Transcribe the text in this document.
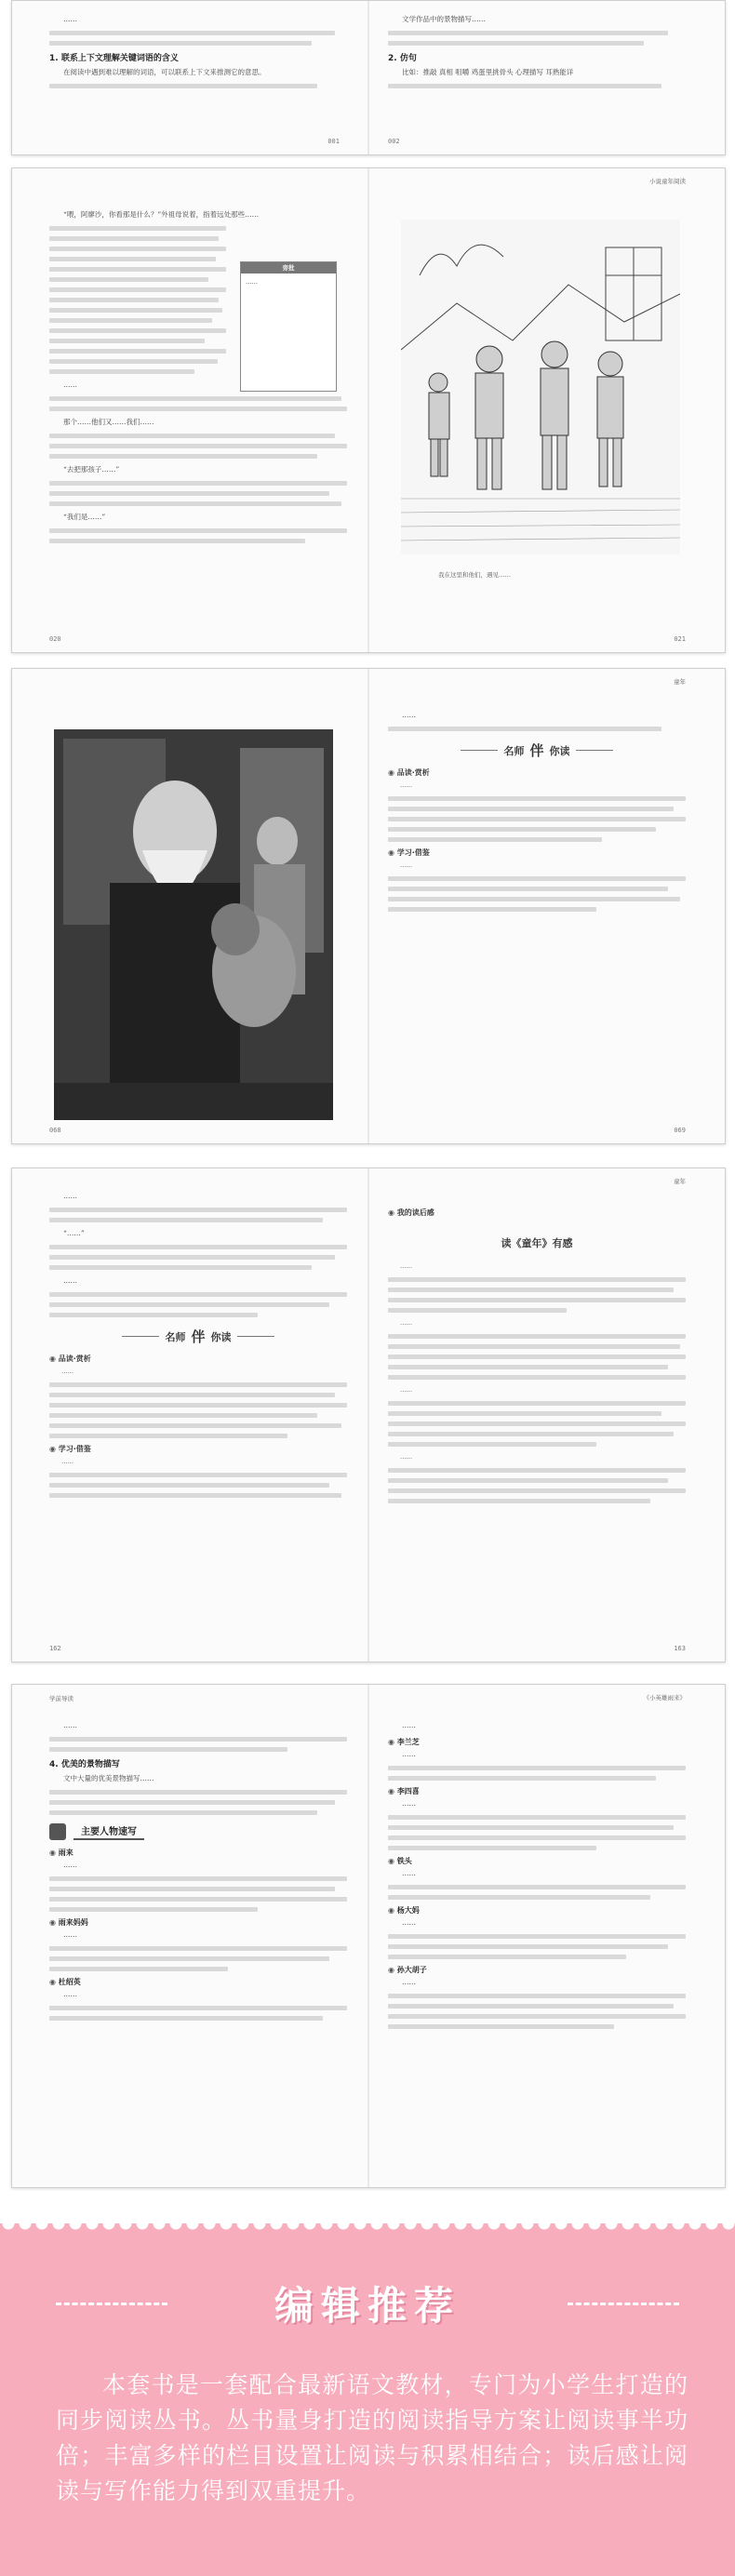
……

1. 联系上下文理解关键词语的含义

在阅读中遇到难以理解的词语，可以联系上下文来推测它的意思。

001

文学作品中的景物描写……

2. 仿句

比如：推敲 真相 咀嚼 鸡蛋里挑骨头 心理描写 耳熟能详

002

“喂，阿廖沙，你看那是什么？”外祖母说着，指着远处那些……

……

那个……他们又……我们……

“去把那孩子……”

“我们是……”

旁批
……
020
小说童年阅读
我在这里和他们，遇见……
021
068
童年

……

名师 伴 你读
◉ 品读·赏析

……

◉ 学习·借鉴

……

069

……

“……”

……

名师 伴 你读
◉ 品读·赏析

……

◉ 学习·借鉴

……

162
童年
◉ 我的读后感
读《童年》有感

……

……

……

……

163
学前导读

……

4. 优美的景物描写

文中大量的优美景物描写……

主要人物速写
◉ 雨来

……

◉ 雨来妈妈

……

◉ 杜绍英

……

《小英雄雨来》

……

◉ 李兰芝

……

◉ 李四喜

……

◉ 铁头

……

◉ 杨大妈

……

◉ 孙大胡子

……

编辑推荐
本套书是一套配合最新语文教材，专门为小学生打造的同步阅读丛书。丛书量身打造的阅读指导方案让阅读事半功倍；丰富多样的栏目设置让阅读与积累相结合；读后感让阅读与写作能力得到双重提升。
